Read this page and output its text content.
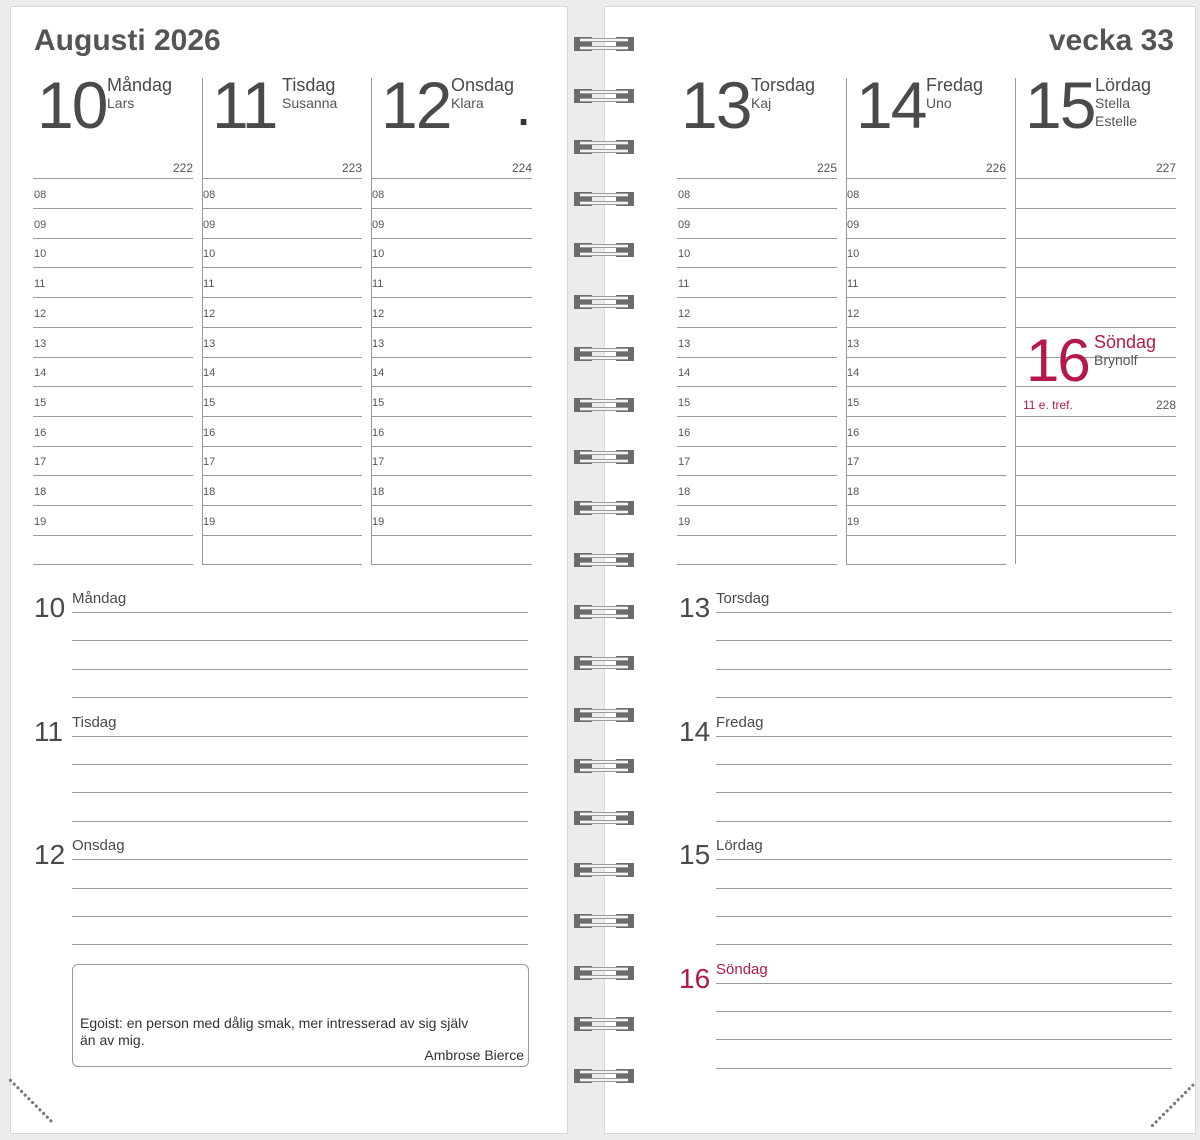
Augusti 2026	vecka 33
10 Måndag
Lars
222
08
09
10
11
12
13
14
15
16
17
18
19
11 Tisdag
Susanna
223
08
09
10
11
12
13
14
15
16
17
18
19
12 Onsdag
Klara .
224
08
09
10
11
12
13
14
15
16
17
18
19
13 Torsdag
Kaj
225
08
09
10
11
12
13
14
15
16
17
18
19
14 Fredag
Uno
226
08
09
10
11
12
13
14
15
16
17
18
19
15 Lördag
Stella
Estelle
227
16 Söndag
Brynolf
11 e. tref.	228
10 Måndag
11 Tisdag
12 Onsdag
13 Torsdag
14 Fredag
15 Lördag
16 Söndag
••••••••••••	••••••••••••
Egoist: en person med dålig smak, mer intresserad av sig själv än av mig.
Ambrose Bierce
